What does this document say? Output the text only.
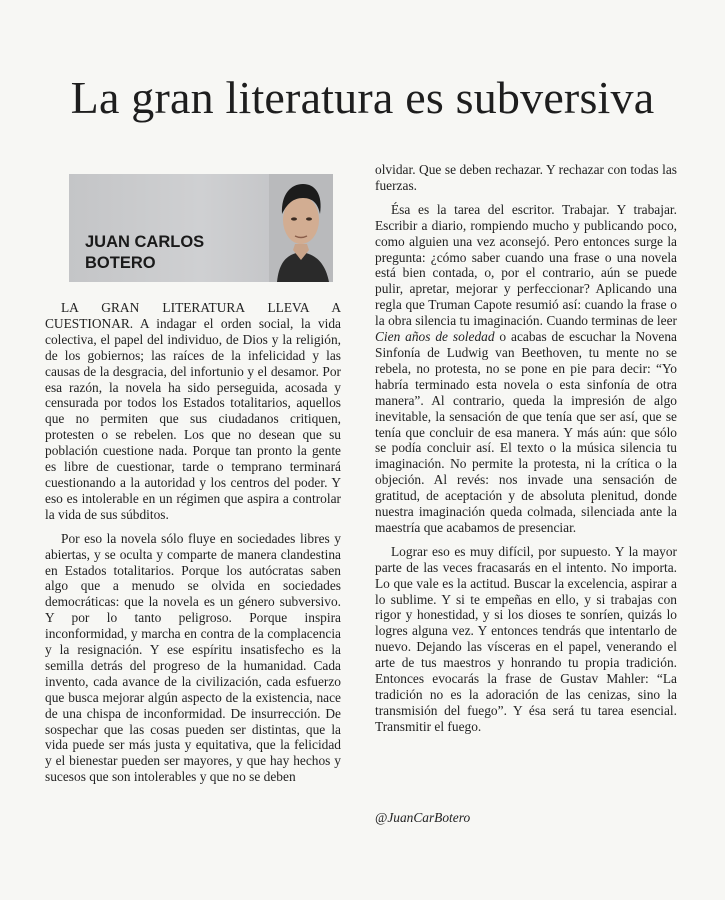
La gran literatura es subversiva
JUAN CARLOS BOTERO

LA GRAN LITERATURA LLEVA A CUESTIONAR. A indagar el orden social, la vida colectiva, el papel del individuo, de Dios y la religión, de los gobiernos; las raíces de la infelicidad y las causas de la desgracia, del infortunio y el desamor. Por esa razón, la novela ha sido perseguida, acosada y censurada por todos los Estados totalitarios, aquellos que no permiten que sus ciudadanos critiquen, protesten o se rebelen. Los que no desean que su población cuestione nada. Porque tan pronto la gente es libre de cuestionar, tarde o temprano terminará cuestionando a la autoridad y los centros del poder. Y eso es intolerable en un régimen que aspira a controlar la vida de sus súbditos.

Por eso la novela sólo fluye en sociedades libres y abiertas, y se oculta y comparte de manera clandestina en Estados totalitarios. Porque los autócratas saben algo que a menudo se olvida en sociedades democráticas: que la novela es un género subversivo. Y por lo tanto peligroso. Porque inspira inconformidad, y marcha en contra de la complacencia y la resignación. Y ese espíritu insatisfecho es la semilla detrás del progreso de la humanidad. Cada invento, cada avance de la civilización, cada esfuerzo que busca mejorar algún aspecto de la existencia, nace de una chispa de inconformidad. De insurrección. De sospechar que las cosas pueden ser distintas, que la vida puede ser más justa y equitativa, que la felicidad y el bienestar pueden ser mayores, y que hay hechos y sucesos que son intolerables y que no se deben

olvidar. Que se deben rechazar. Y rechazar con todas las fuerzas.

Ésa es la tarea del escritor. Trabajar. Y trabajar. Escribir a diario, rompiendo mucho y publicando poco, como alguien una vez aconsejó. Pero entonces surge la pregunta: ¿cómo saber cuando una frase o una novela está bien contada, o, por el contrario, aún se puede pulir, apretar, mejorar y perfeccionar? Aplicando una regla que Truman Capote resumió así: cuando la frase o la obra silencia tu imaginación. Cuando terminas de leer Cien años de soledad o acabas de escuchar la Novena Sinfonía de Ludwig van Beethoven, tu mente no se rebela, no protesta, no se pone en pie para decir: “Yo habría terminado esta novela o esta sinfonía de otra manera”. Al contrario, queda la impresión de algo inevitable, la sensación de que tenía que ser así, que se tenía que concluir de esa manera. Y más aún: que sólo se podía concluir así. El texto o la música silencia tu imaginación. No permite la protesta, ni la crítica o la objeción. Al revés: nos invade una sensación de gratitud, de aceptación y de absoluta plenitud, donde nuestra imaginación queda colmada, silenciada ante la maestría que acabamos de presenciar.

Lograr eso es muy difícil, por supuesto. Y la mayor parte de las veces fracasarás en el intento. No importa. Lo que vale es la actitud. Buscar la excelencia, aspirar a lo sublime. Y si te empeñas en ello, y si trabajas con rigor y honestidad, y si los dioses te sonríen, quizás lo logres alguna vez. Y entonces tendrás que intentarlo de nuevo. Dejando las vísceras en el papel, venerando el arte de tus maestros y honrando tu propia tradición. Entonces evocarás la frase de Gustav Mahler: “La tradición no es la adoración de las cenizas, sino la transmisión del fuego”. Y ésa será tu tarea esencial. Transmitir el fuego.

@JuanCarBotero
